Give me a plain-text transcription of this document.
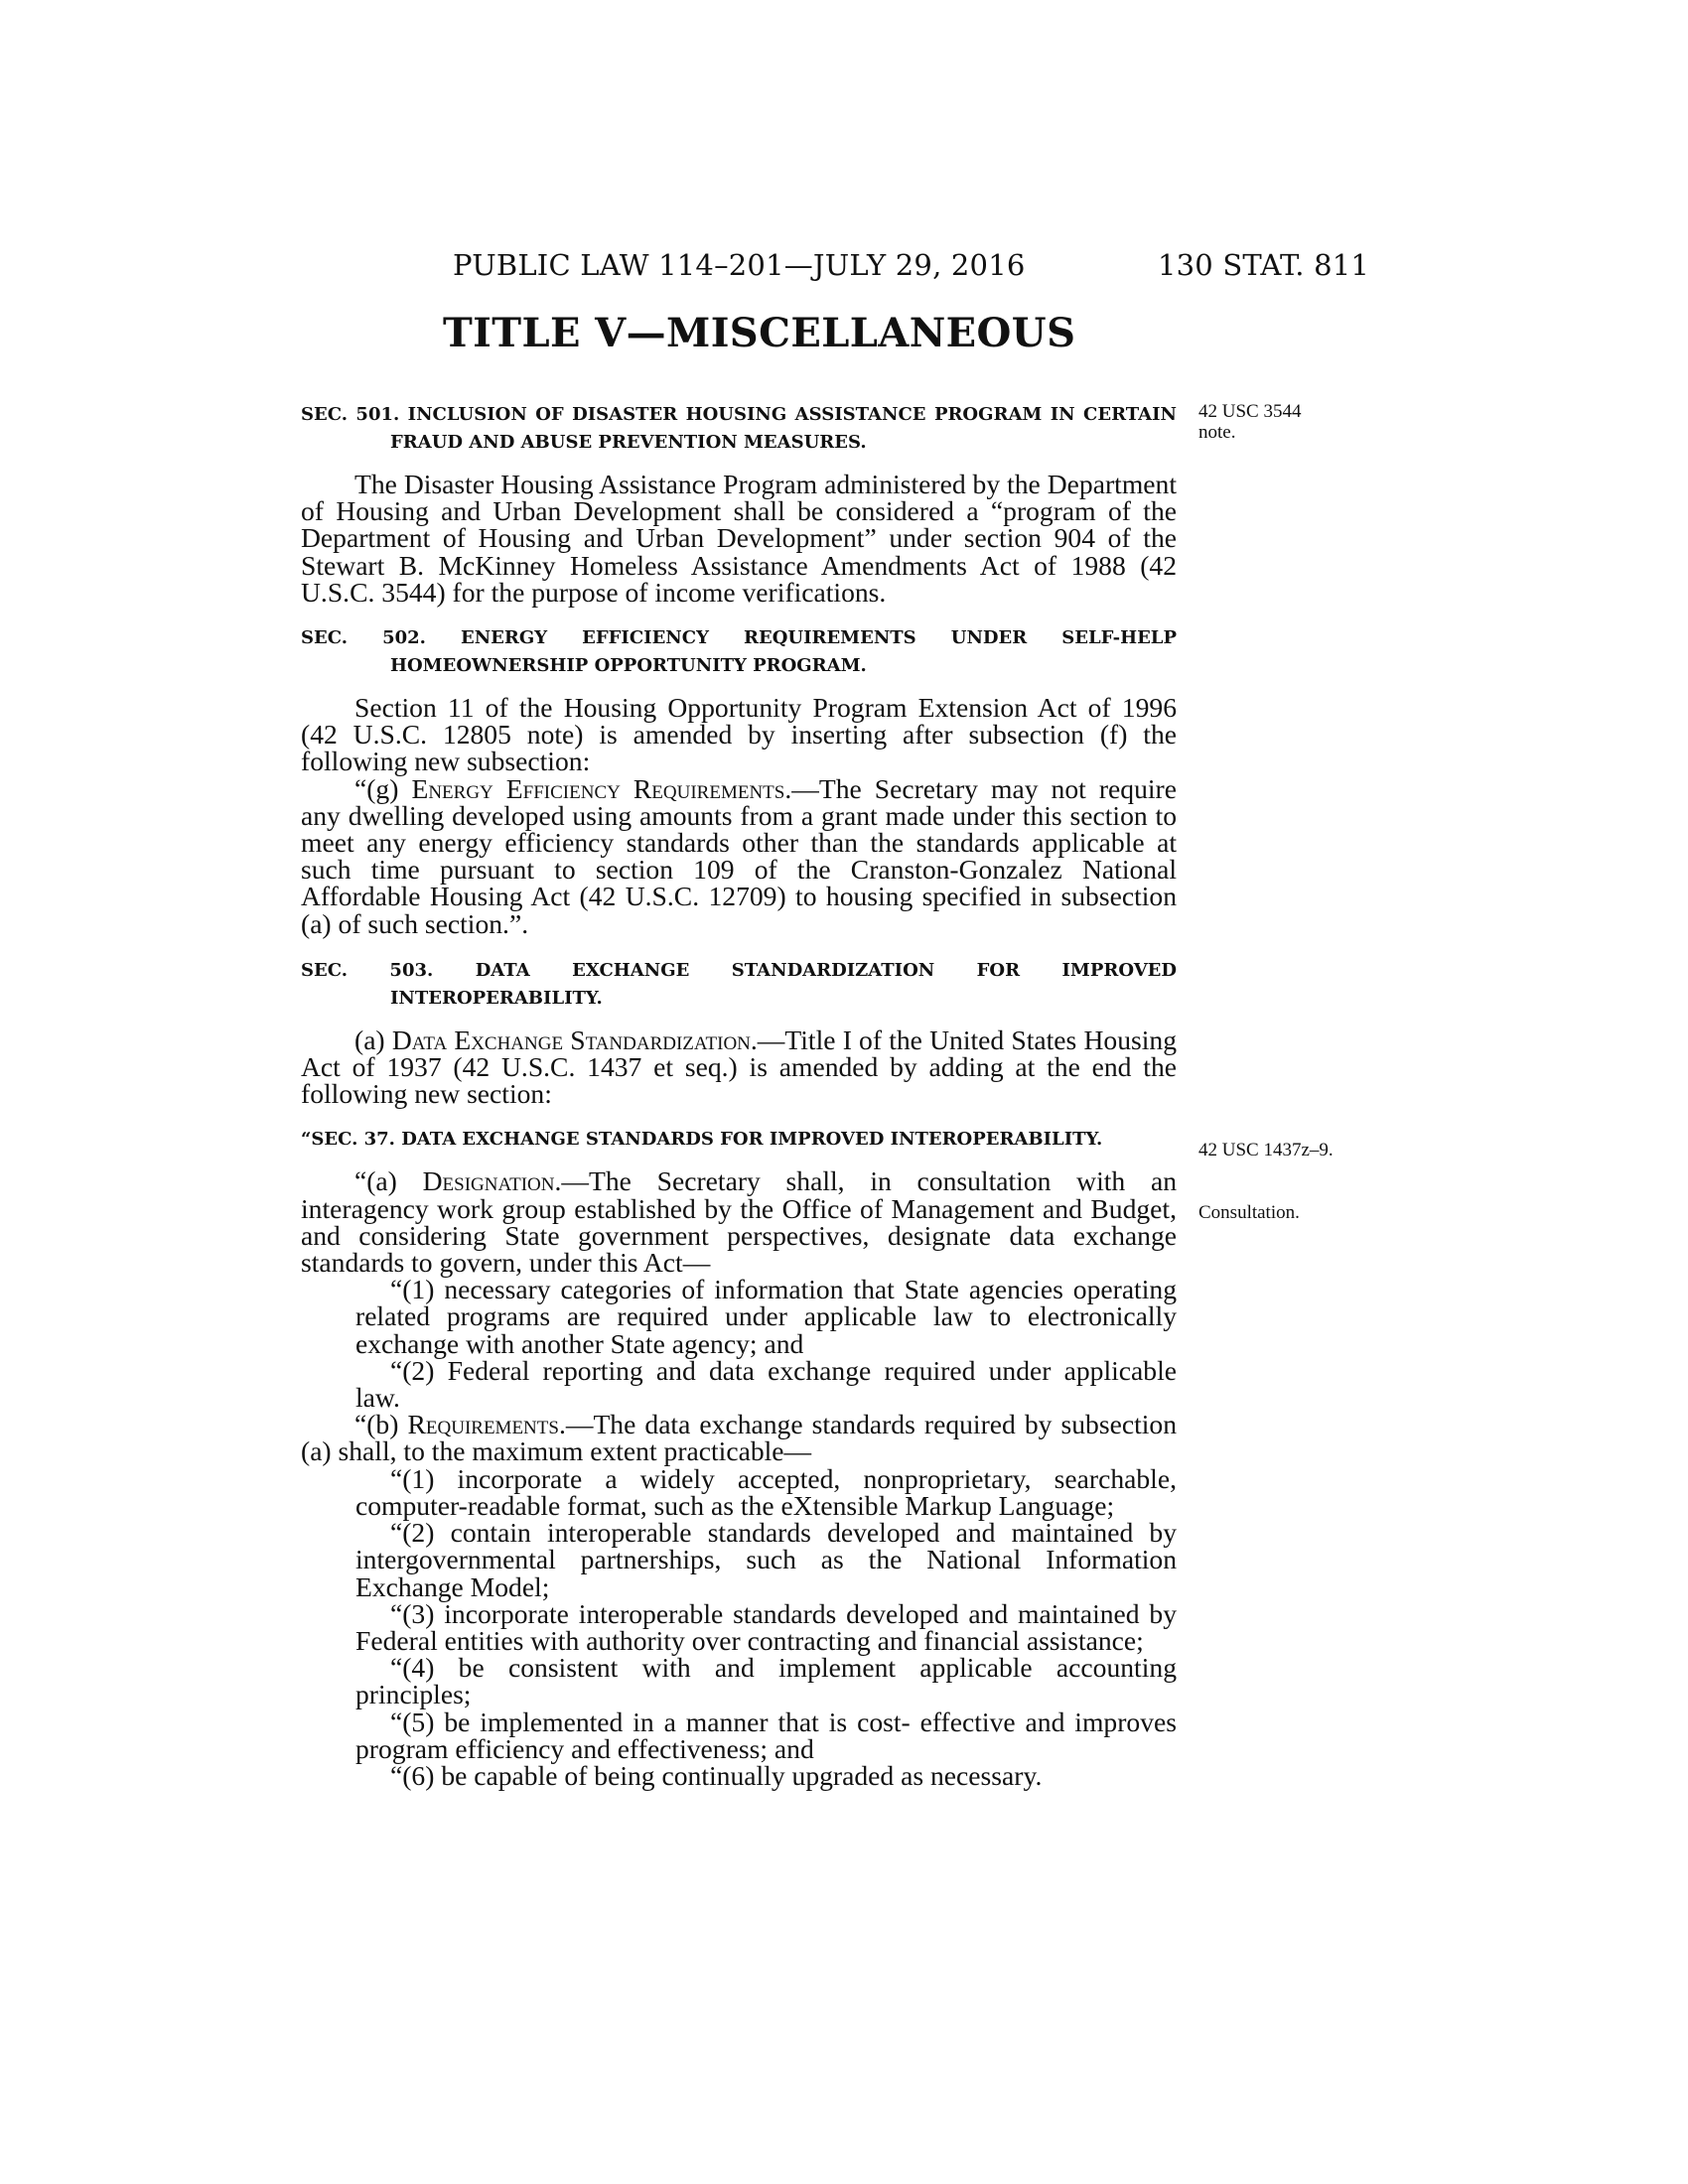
PUBLIC LAW 114–201—JULY 29, 2016	130 STAT. 811
TITLE V—MISCELLANEOUS
42 USC 3544
note.
42 USC 1437z–9.
Consultation.
SEC. 501. INCLUSION OF DISASTER HOUSING ASSISTANCE PROGRAM IN CERTAIN FRAUD AND ABUSE PREVENTION MEASURES.

The Disaster Housing Assistance Program administered by the Department of Housing and Urban Development shall be considered a “program of the Department of Housing and Urban Development” under section 904 of the Stewart B. McKinney Homeless Assistance Amendments Act of 1988 (42 U.S.C. 3544) for the purpose of income verifications.

SEC. 502. ENERGY EFFICIENCY REQUIREMENTS UNDER SELF-HELP HOMEOWNERSHIP OPPORTUNITY PROGRAM.

Section 11 of the Housing Opportunity Program Extension Act of 1996 (42 U.S.C. 12805 note) is amended by inserting after subsection (f) the following new subsection:

“(g) Energy Efficiency Requirements.—The Secretary may not require any dwelling developed using amounts from a grant made under this section to meet any energy efficiency standards other than the standards applicable at such time pursuant to section 109 of the Cranston-Gonzalez National Affordable Housing Act (42 U.S.C. 12709) to housing specified in subsection (a) of such section.”.

SEC. 503. DATA EXCHANGE STANDARDIZATION FOR IMPROVED INTEROPERABILITY.

(a) Data Exchange Standardization.—Title I of the United States Housing Act of 1937 (42 U.S.C. 1437 et seq.) is amended by adding at the end the following new section:

“SEC. 37. DATA EXCHANGE STANDARDS FOR IMPROVED INTEROPERABILITY.

“(a) Designation.—The Secretary shall, in consultation with an interagency work group established by the Office of Management and Budget, and considering State government perspectives, designate data exchange standards to govern, under this Act—

“(1) necessary categories of information that State agencies operating related programs are required under applicable law to electronically exchange with another State agency; and

“(2) Federal reporting and data exchange required under applicable law.

“(b) Requirements.—The data exchange standards required by subsection (a) shall, to the maximum extent practicable—

“(1) incorporate a widely accepted, nonproprietary, searchable, computer-readable format, such as the eXtensible Markup Language;

“(2) contain interoperable standards developed and maintained by intergovernmental partnerships, such as the National Information Exchange Model;

“(3) incorporate interoperable standards developed and maintained by Federal entities with authority over contracting and financial assistance;

“(4) be consistent with and implement applicable accounting principles;

“(5) be implemented in a manner that is cost- effective and improves program efficiency and effectiveness; and

“(6) be capable of being continually upgraded as necessary.
